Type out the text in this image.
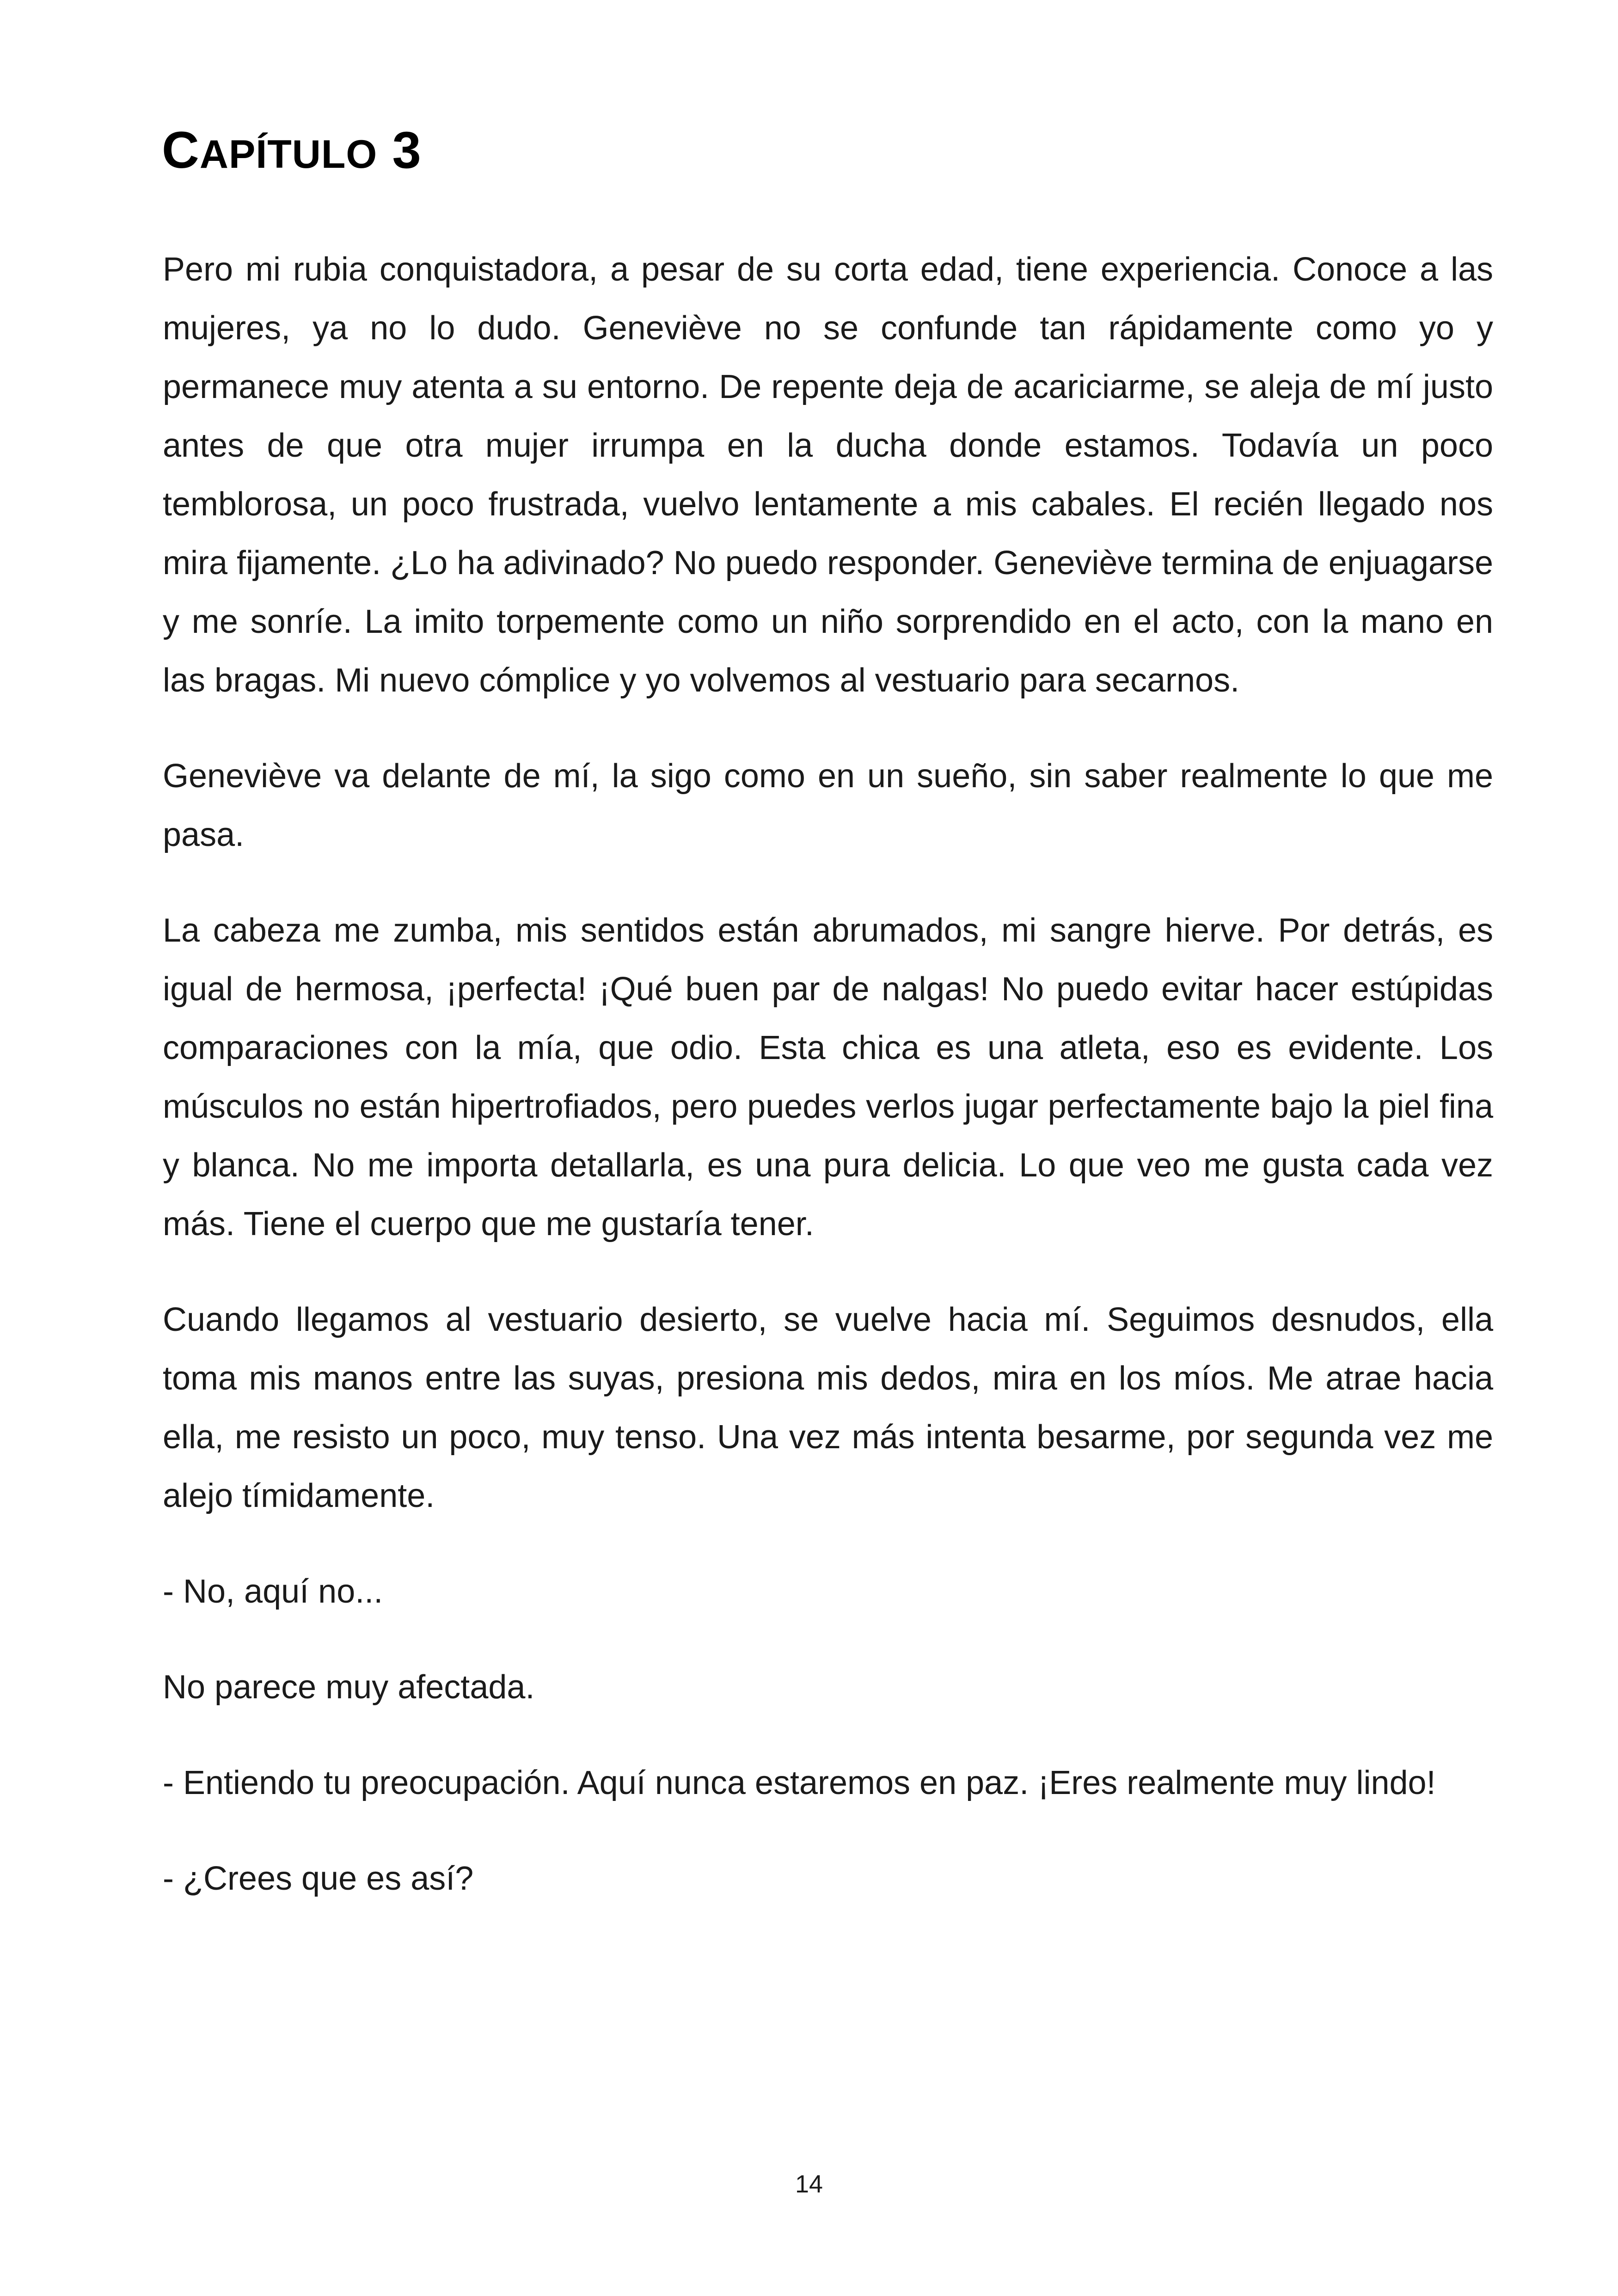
CAPÍTULO 3

Pero mi rubia conquistadora, a pesar de su corta edad, tiene experiencia. Conoce a las mujeres, ya no lo dudo. Geneviève no se confunde tan rápidamente como yo y permanece muy atenta a su entorno. De repente deja de acariciarme, se aleja de mí justo antes de que otra mujer irrumpa en la ducha donde estamos. Todavía un poco temblorosa, un poco frustrada, vuelvo lentamente a mis cabales. El recién llegado nos mira fijamente. ¿Lo ha adivinado? No puedo responder. Geneviève termina de enjuagarse y me sonríe. La imito torpemente como un niño sorprendido en el acto, con la mano en las bragas. Mi nuevo cómplice y yo volvemos al vestuario para secarnos.

Geneviève va delante de mí, la sigo como en un sueño, sin saber realmente lo que me pasa.

La cabeza me zumba, mis sentidos están abrumados, mi sangre hierve. Por detrás, es igual de hermosa, ¡perfecta! ¡Qué buen par de nalgas! No puedo evitar hacer estúpidas comparaciones con la mía, que odio. Esta chica es una atleta, eso es evidente. Los músculos no están hipertrofiados, pero puedes verlos jugar perfectamente bajo la piel fina y blanca. No me importa detallarla, es una pura delicia. Lo que veo me gusta cada vez más. Tiene el cuerpo que me gustaría tener.

Cuando llegamos al vestuario desierto, se vuelve hacia mí. Seguimos desnudos, ella toma mis manos entre las suyas, presiona mis dedos, mira en los míos. Me atrae hacia ella, me resisto un poco, muy tenso. Una vez más intenta besarme, por segunda vez me alejo tímidamente.

- No, aquí no...

No parece muy afectada.

- Entiendo tu preocupación. Aquí nunca estaremos en paz. ¡Eres realmente muy lindo!

- ¿Crees que es así?

14
